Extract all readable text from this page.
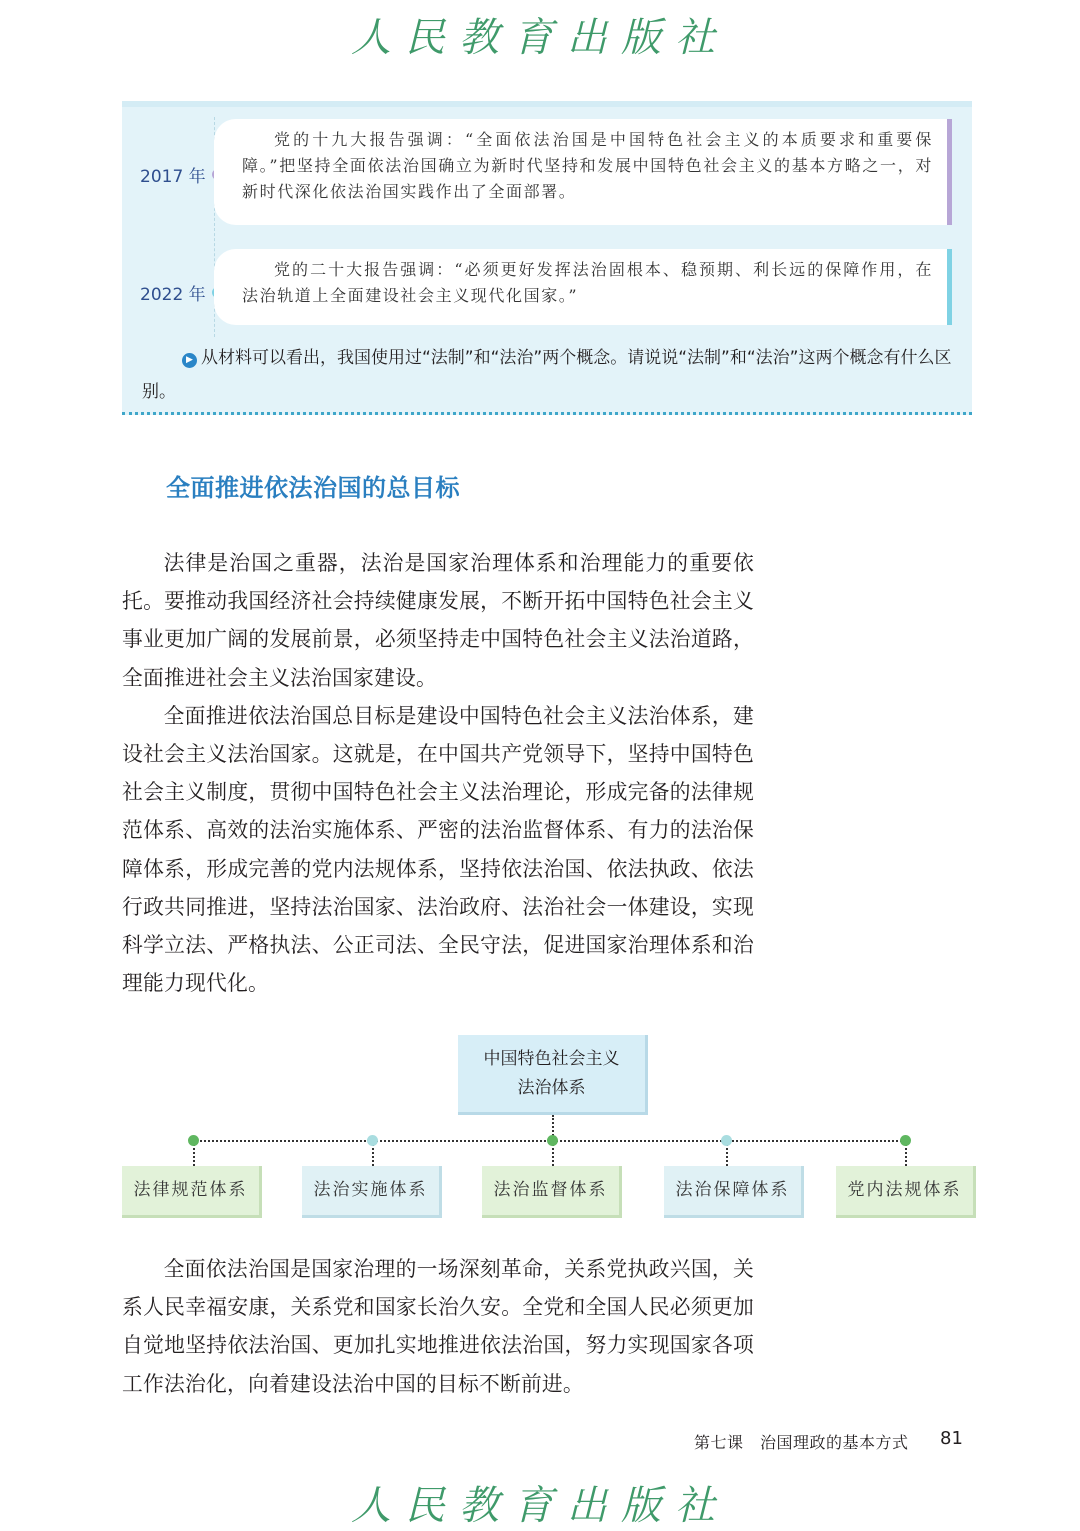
人民教育出版社
2017 年
党的十九大报告强调：“全面依法治国是中国特色社会主义的本质要求和重要保障。”把坚持全面依法治国确立为新时代坚持和发展中国特色社会主义的基本方略之一，对新时代深化依法治国实践作出了全面部署。
2022 年
党的二十大报告强调：“必须更好发挥法治固根本、稳预期、利长远的保障作用，在法治轨道上全面建设社会主义现代化国家。”
▶ 从材料可以看出，我国使用过“法制”和“法治”两个概念。请说说“法制”和“法治”这两个概念有什么区别。
全面推进依法治国的总目标

法律是治国之重器，法治是国家治理体系和治理能力的重要依托。要推动我国经济社会持续健康发展，不断开拓中国特色社会主义事业更加广阔的发展前景，必须坚持走中国特色社会主义法治道路，全面推进社会主义法治国家建设。

全面推进依法治国总目标是建设中国特色社会主义法治体系，建设社会主义法治国家。这就是，在中国共产党领导下，坚持中国特色社会主义制度，贯彻中国特色社会主义法治理论，形成完备的法律规范体系、高效的法治实施体系、严密的法治监督体系、有力的法治保障体系，形成完善的党内法规体系，坚持依法治国、依法执政、依法行政共同推进，坚持法治国家、法治政府、法治社会一体建设，实现科学立法、严格执法、公正司法、全民守法，促进国家治理体系和治理能力现代化。

中国特色社会主义
法治体系
法律规范体系	法治实施体系	法治监督体系	法治保障体系	党内法规体系

全面依法治国是国家治理的一场深刻革命，关系党执政兴国，关系人民幸福安康，关系党和国家长治久安。全党和全国人民必须更加自觉地坚持依法治国、更加扎实地推进依法治国，努力实现国家各项工作法治化，向着建设法治中国的目标不断前进。

第七课　治国理政的基本方式 81
人民教育出版社
